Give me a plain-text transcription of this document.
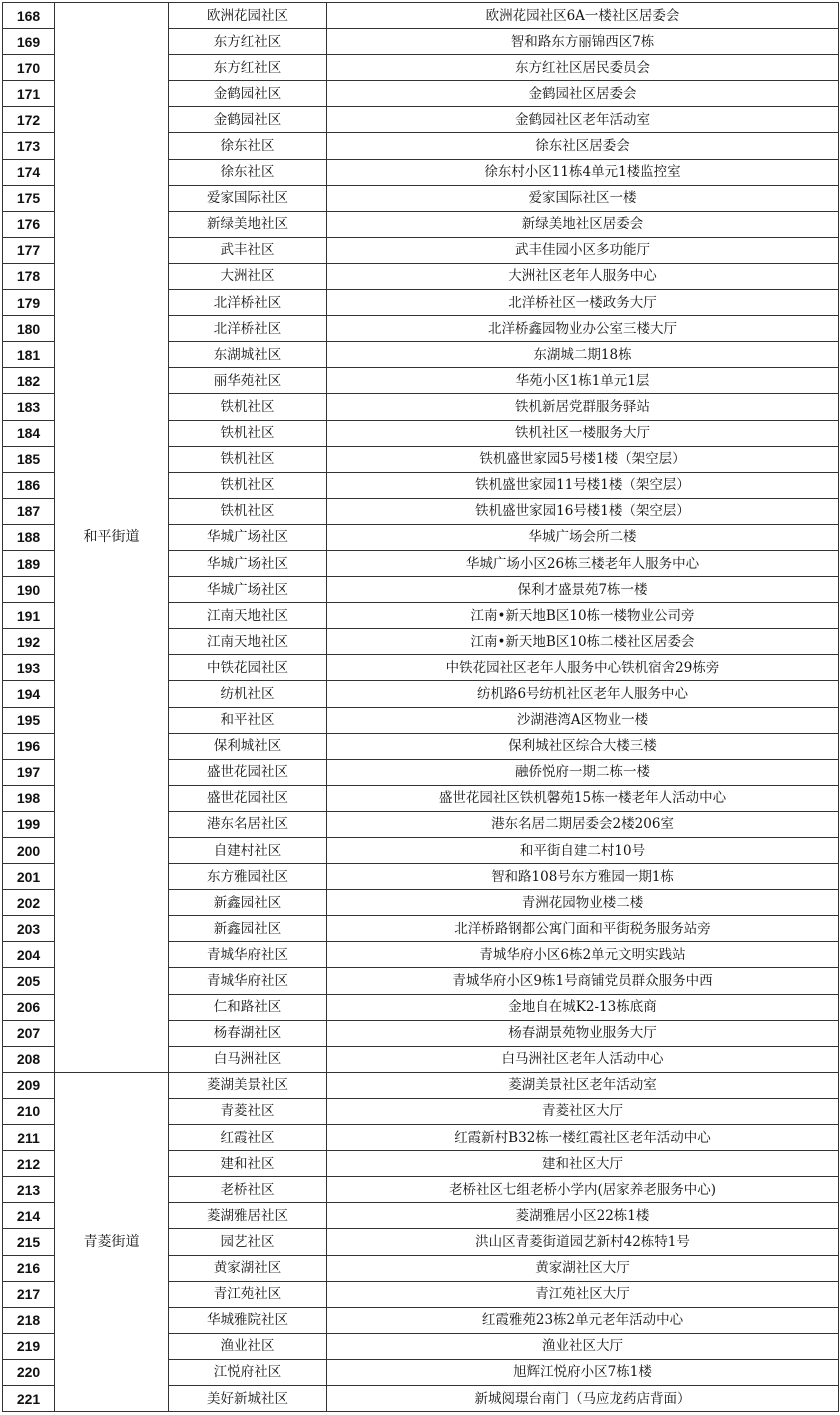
168	和平街道	欧洲花园社区	欧洲花园社区6A一楼社区居委会
169		东方红社区	智和路东方丽锦西区7栋
170		东方红社区	东方红社区居民委员会
171		金鹤园社区	金鹤园社区居委会
172		金鹤园社区	金鹤园社区老年活动室
173		徐东社区	徐东社区居委会
174		徐东社区	徐东村小区11栋4单元1楼监控室
175		爱家国际社区	爱家国际社区一楼
176		新绿美地社区	新绿美地社区居委会
177		武丰社区	武丰佳园小区多功能厅
178		大洲社区	大洲社区老年人服务中心
179		北洋桥社区	北洋桥社区一楼政务大厅
180		北洋桥社区	北洋桥鑫园物业办公室三楼大厅
181		东湖城社区	东湖城二期18栋
182		丽华苑社区	华苑小区1栋1单元1层
183		铁机社区	铁机新居党群服务驿站
184		铁机社区	铁机社区一楼服务大厅
185		铁机社区	铁机盛世家园5号楼1楼（架空层）
186		铁机社区	铁机盛世家园11号楼1楼（架空层）
187		铁机社区	铁机盛世家园16号楼1楼（架空层）
188		华城广场社区	华城广场会所二楼
189		华城广场社区	华城广场小区26栋三楼老年人服务中心
190		华城广场社区	保利才盛景苑7栋一楼
191		江南天地社区	江南•新天地B区10栋一楼物业公司旁
192		江南天地社区	江南•新天地B区10栋二楼社区居委会
193		中铁花园社区	中铁花园社区老年人服务中心铁机宿舍29栋旁
194		纺机社区	纺机路6号纺机社区老年人服务中心
195		和平社区	沙湖港湾A区物业一楼
196		保利城社区	保利城社区综合大楼三楼
197		盛世花园社区	融侨悦府一期二栋一楼
198		盛世花园社区	盛世花园社区铁机馨苑15栋一楼老年人活动中心
199		港东名居社区	港东名居二期居委会2楼206室
200		自建村社区	和平街自建二村10号
201		东方雅园社区	智和路108号东方雅园一期1栋
202		新鑫园社区	青洲花园物业楼二楼
203		新鑫园社区	北洋桥路钢都公寓门面和平街税务服务站旁
204		青城华府社区	青城华府小区6栋2单元文明实践站
205		青城华府社区	青城华府小区9栋1号商铺党员群众服务中西
206		仁和路社区	金地自在城K2-13栋底商
207		杨春湖社区	杨春湖景苑物业服务大厅
208		白马洲社区	白马洲社区老年人活动中心
209	青菱街道	菱湖美景社区	菱湖美景社区老年活动室
210		青菱社区	青菱社区大厅
211		红霞社区	红霞新村B32栋一楼红霞社区老年活动中心
212		建和社区	建和社区大厅
213		老桥社区	老桥社区七组老桥小学内(居家养老服务中心)
214		菱湖雅居社区	菱湖雅居小区22栋1楼
215		园艺社区	洪山区青菱街道园艺新村42栋特1号
216		黄家湖社区	黄家湖社区大厅
217		青江苑社区	青江苑社区大厅
218		华城雅院社区	红霞雅苑23栋2单元老年活动中心
219		渔业社区	渔业社区大厅
220		江悦府社区	旭辉江悦府小区7栋1楼
221		美好新城社区	新城阅璟台南门（马应龙药店背面）
